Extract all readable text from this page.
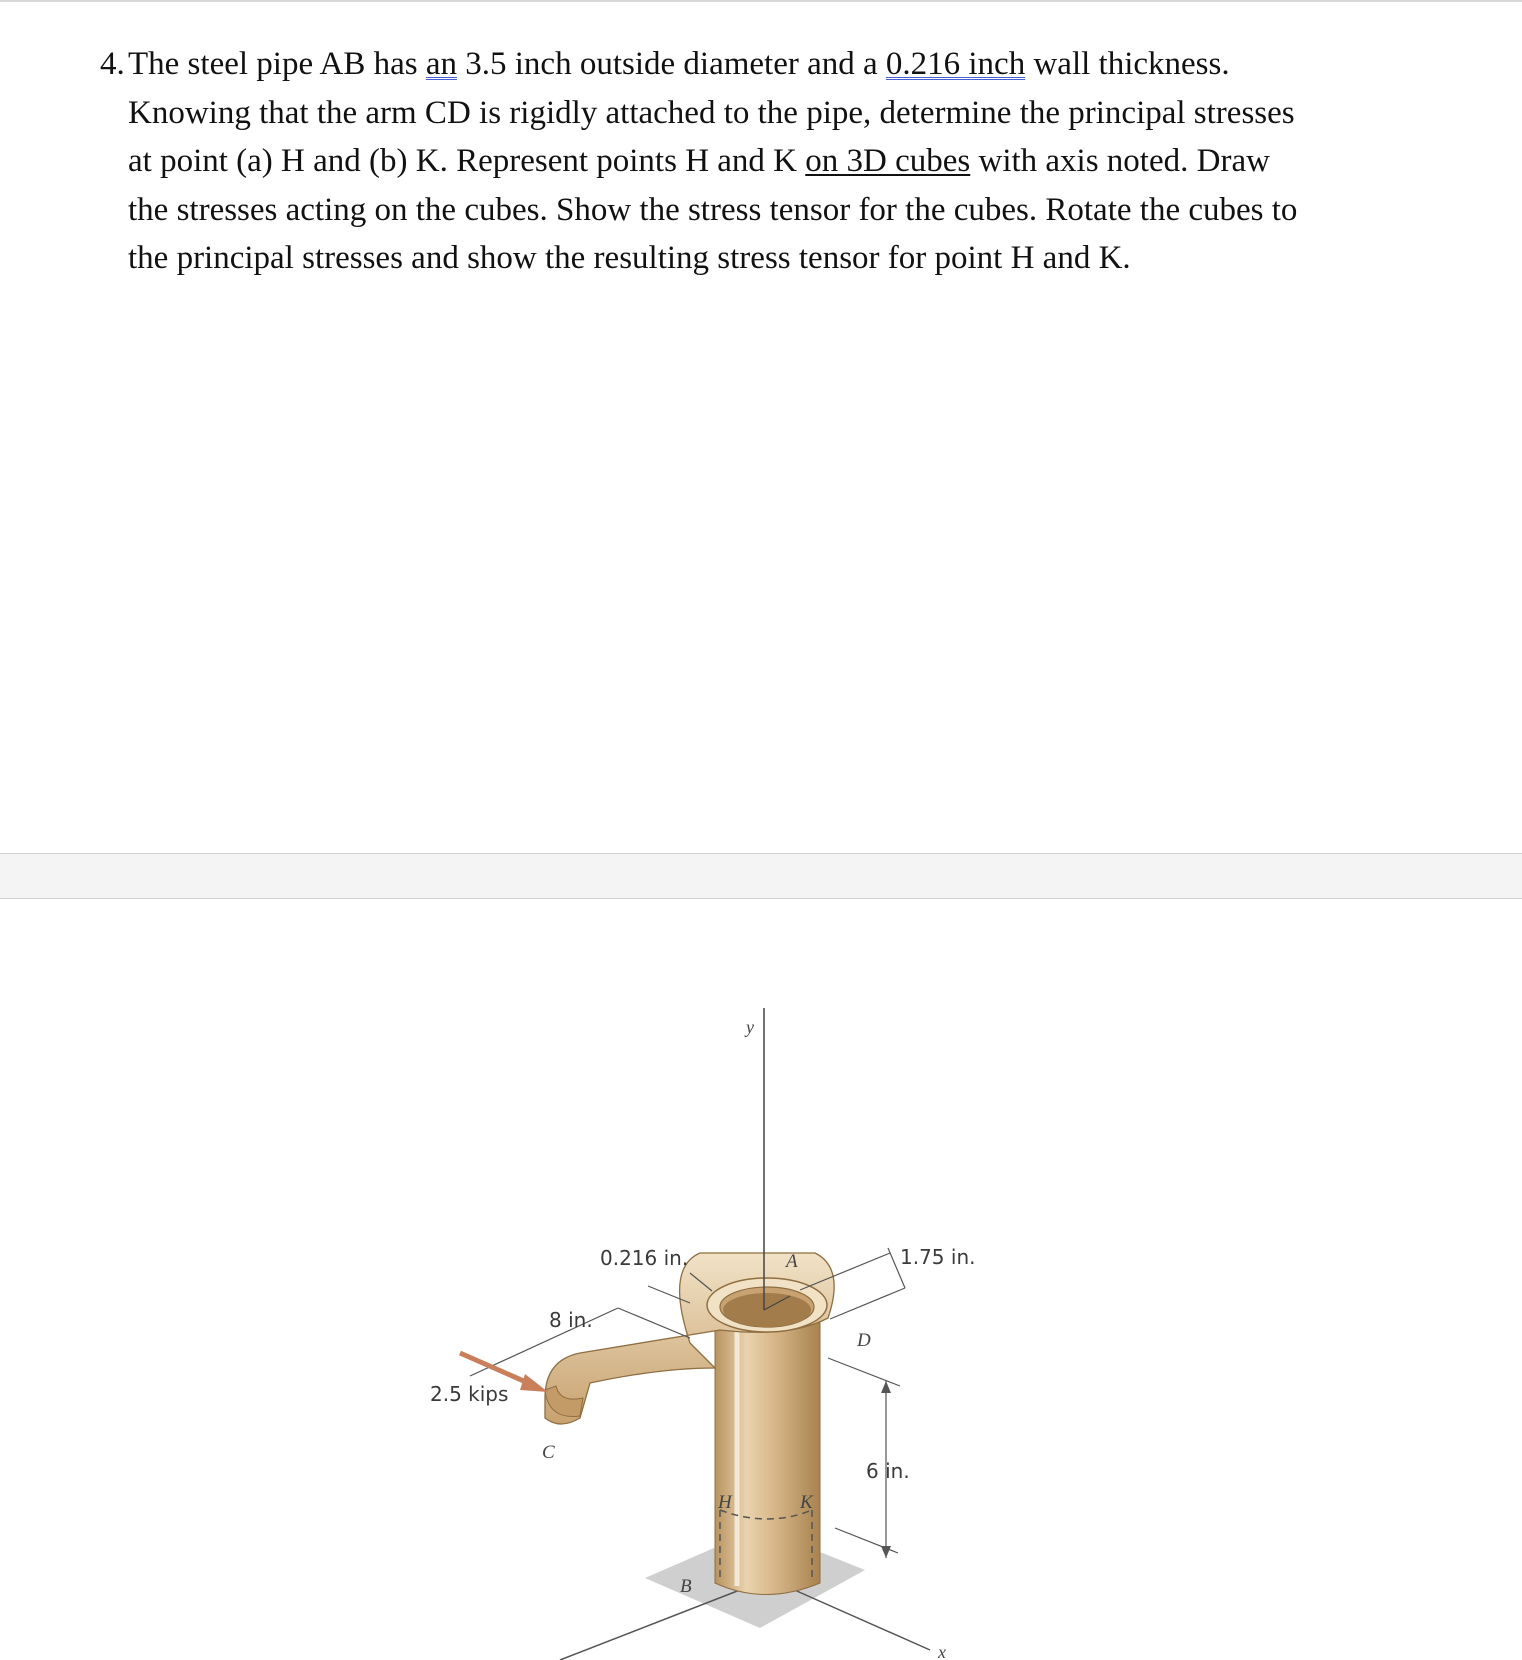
4. The steel pipe AB has an 3.5 inch outside diameter and a 0.216 inch wall thickness.
Knowing that the arm CD is rigidly attached to the pipe, determine the principal stresses
at point (a) H and (b) K. Represent points H and K on 3D cubes with axis noted. Draw
the stresses acting on the cubes. Show the stress tensor for the cubes. Rotate the cubes to
the principal stresses and show the resulting stress tensor for point H and K.

x
y
0.216 in.	1.75 in.
8 in.
6 in.
2.5 kips
A
D
C
H	K
B
